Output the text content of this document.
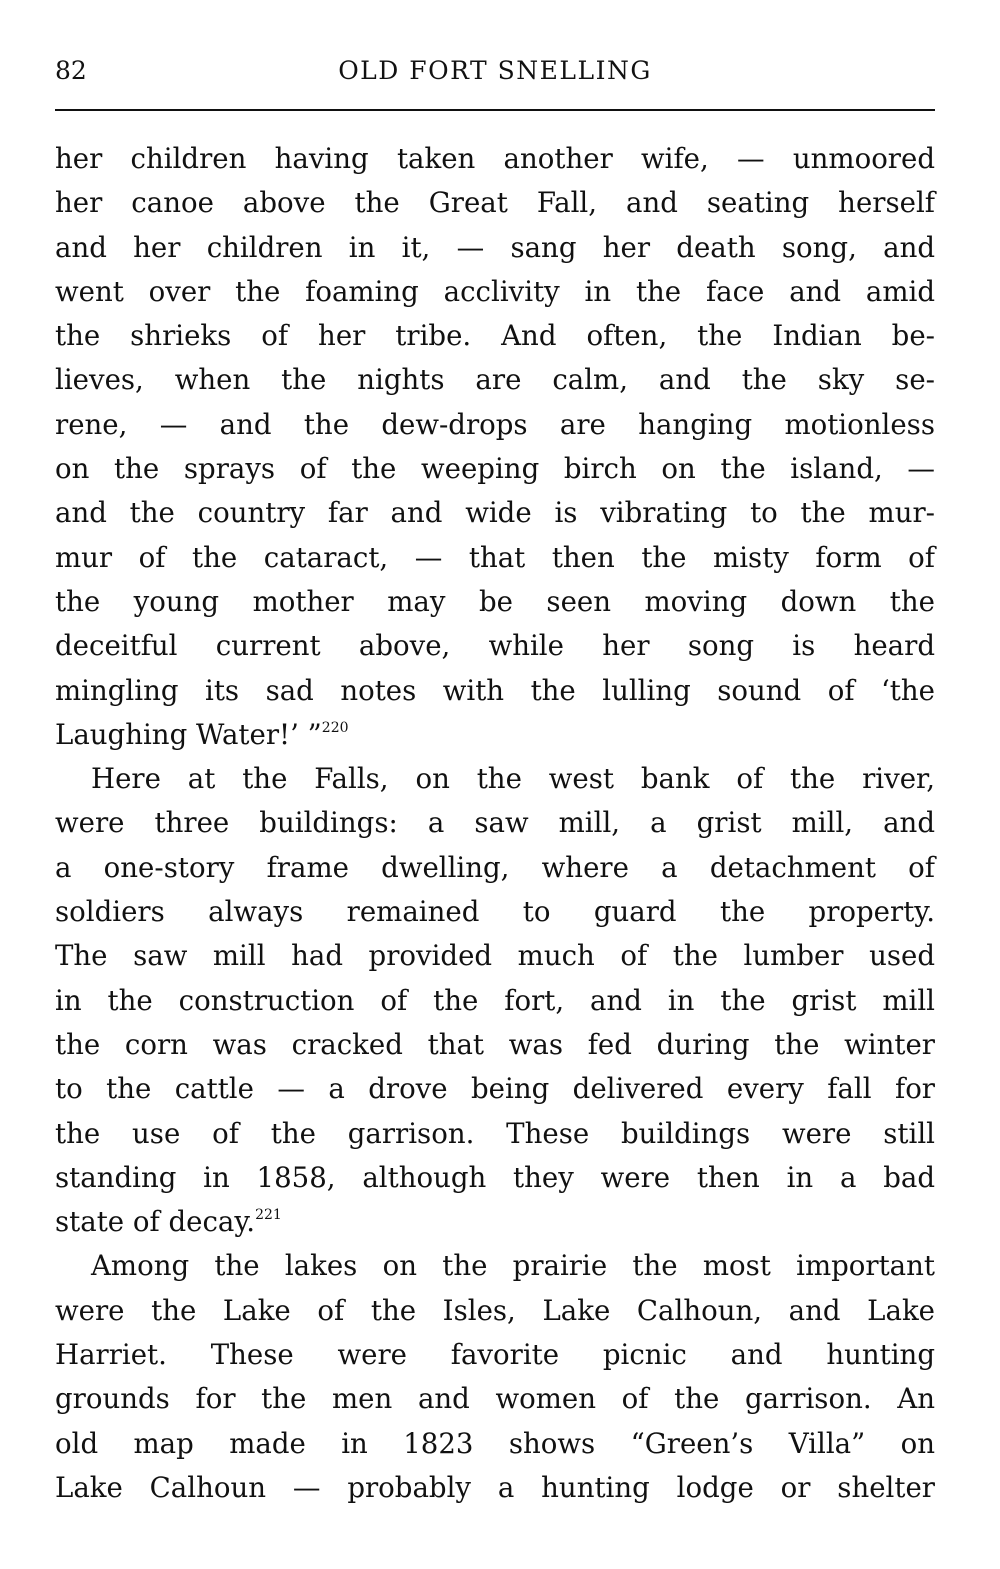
82	OLD FORT SNELLING
her children having taken another wife, — unmoored
her canoe above the Great Fall, and seating herself
and her children in it, — sang her death song, and
went over the foaming acclivity in the face and amid
the shrieks of her tribe. And often, the Indian be-
lieves, when the nights are calm, and the sky se-
rene, — and the dew-drops are hanging motionless
on the sprays of the weeping birch on the island, —
and the country far and wide is vibrating to the mur-
mur of the cataract, — that then the misty form of
the young mother may be seen moving down the
deceitful current above, while her song is heard
mingling its sad notes with the lulling sound of ‘the
Laughing Water!’ ”$^{220}$
Here at the Falls, on the west bank of the river,
were three buildings: a saw mill, a grist mill, and
a one-story frame dwelling, where a detachment of
soldiers always remained to guard the property.
The saw mill had provided much of the lumber used
in the construction of the fort, and in the grist mill
the corn was cracked that was fed during the winter
to the cattle — a drove being delivered every fall for
the use of the garrison. These buildings were still
standing in 1858, although they were then in a bad
state of decay.$^{221}$
Among the lakes on the prairie the most important
were the Lake of the Isles, Lake Calhoun, and Lake
Harriet. These were favorite picnic and hunting
grounds for the men and women of the garrison. An
old map made in 1823 shows “Green’s Villa” on
Lake Calhoun — probably a hunting lodge or shelter
